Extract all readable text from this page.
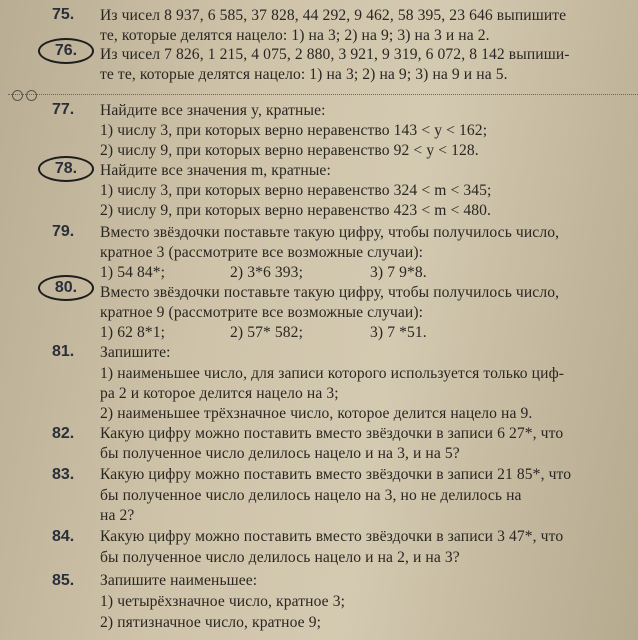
75.	Из чисел 8 937, 6 585, 37 828, 44 292, 9 462, 58 395, 23 646 выпишите
те, которые делятся нацело: 1) на 3; 2) на 9; 3) на 3 и на 2.
76.	Из чисел 7 826, 1 215, 4 075, 2 880, 3 921, 9 319, 6 072, 8 142 выпиши-
те те, которые делятся нацело: 1) на 3; 2) на 9; 3) на 9 и на 5.
77.	Найдите все значения y, кратные:
1) числу 3, при которых верно неравенство 143 < y < 162;
2) числу 9, при которых верно неравенство 92 < y < 128.
78.	Найдите все значения m, кратные:
1) числу 3, при которых верно неравенство 324 < m < 345;
2) числу 9, при которых верно неравенство 423 < m < 480.
79.	Вместо звёздочки поставьте такую цифру, чтобы получилось число,
кратное 3 (рассмотрите все возможные случаи):
1) 54 84*;	2) 3*6 393;	3) 7 9*8.
80.	Вместо звёздочки поставьте такую цифру, чтобы получилось число,
кратное 9 (рассмотрите все возможные случаи):
1) 62 8*1;	2) 57* 582;	3) 7 *51.
81.	Запишите:
1) наименьшее число, для записи которого используется только циф-
ра 2 и которое делится нацело на 3;
2) наименьшее трёхзначное число, которое делится нацело на 9.
82.	Какую цифру можно поставить вместо звёздочки в записи 6 27*, что
бы полученное число делилось нацело и на 3, и на 5?
83.	Какую цифру можно поставить вместо звёздочки в записи 21 85*, что
бы полученное число делилось нацело на 3, но не делилось на
на 2?
84.	Какую цифру можно поставить вместо звёздочки в записи 3 47*, что
бы полученное число делилось нацело и на 2, и на 3?
85.	Запишите наименьшее:
1) четырёхзначное число, кратное 3;
2) пятизначное число, кратное 9;
